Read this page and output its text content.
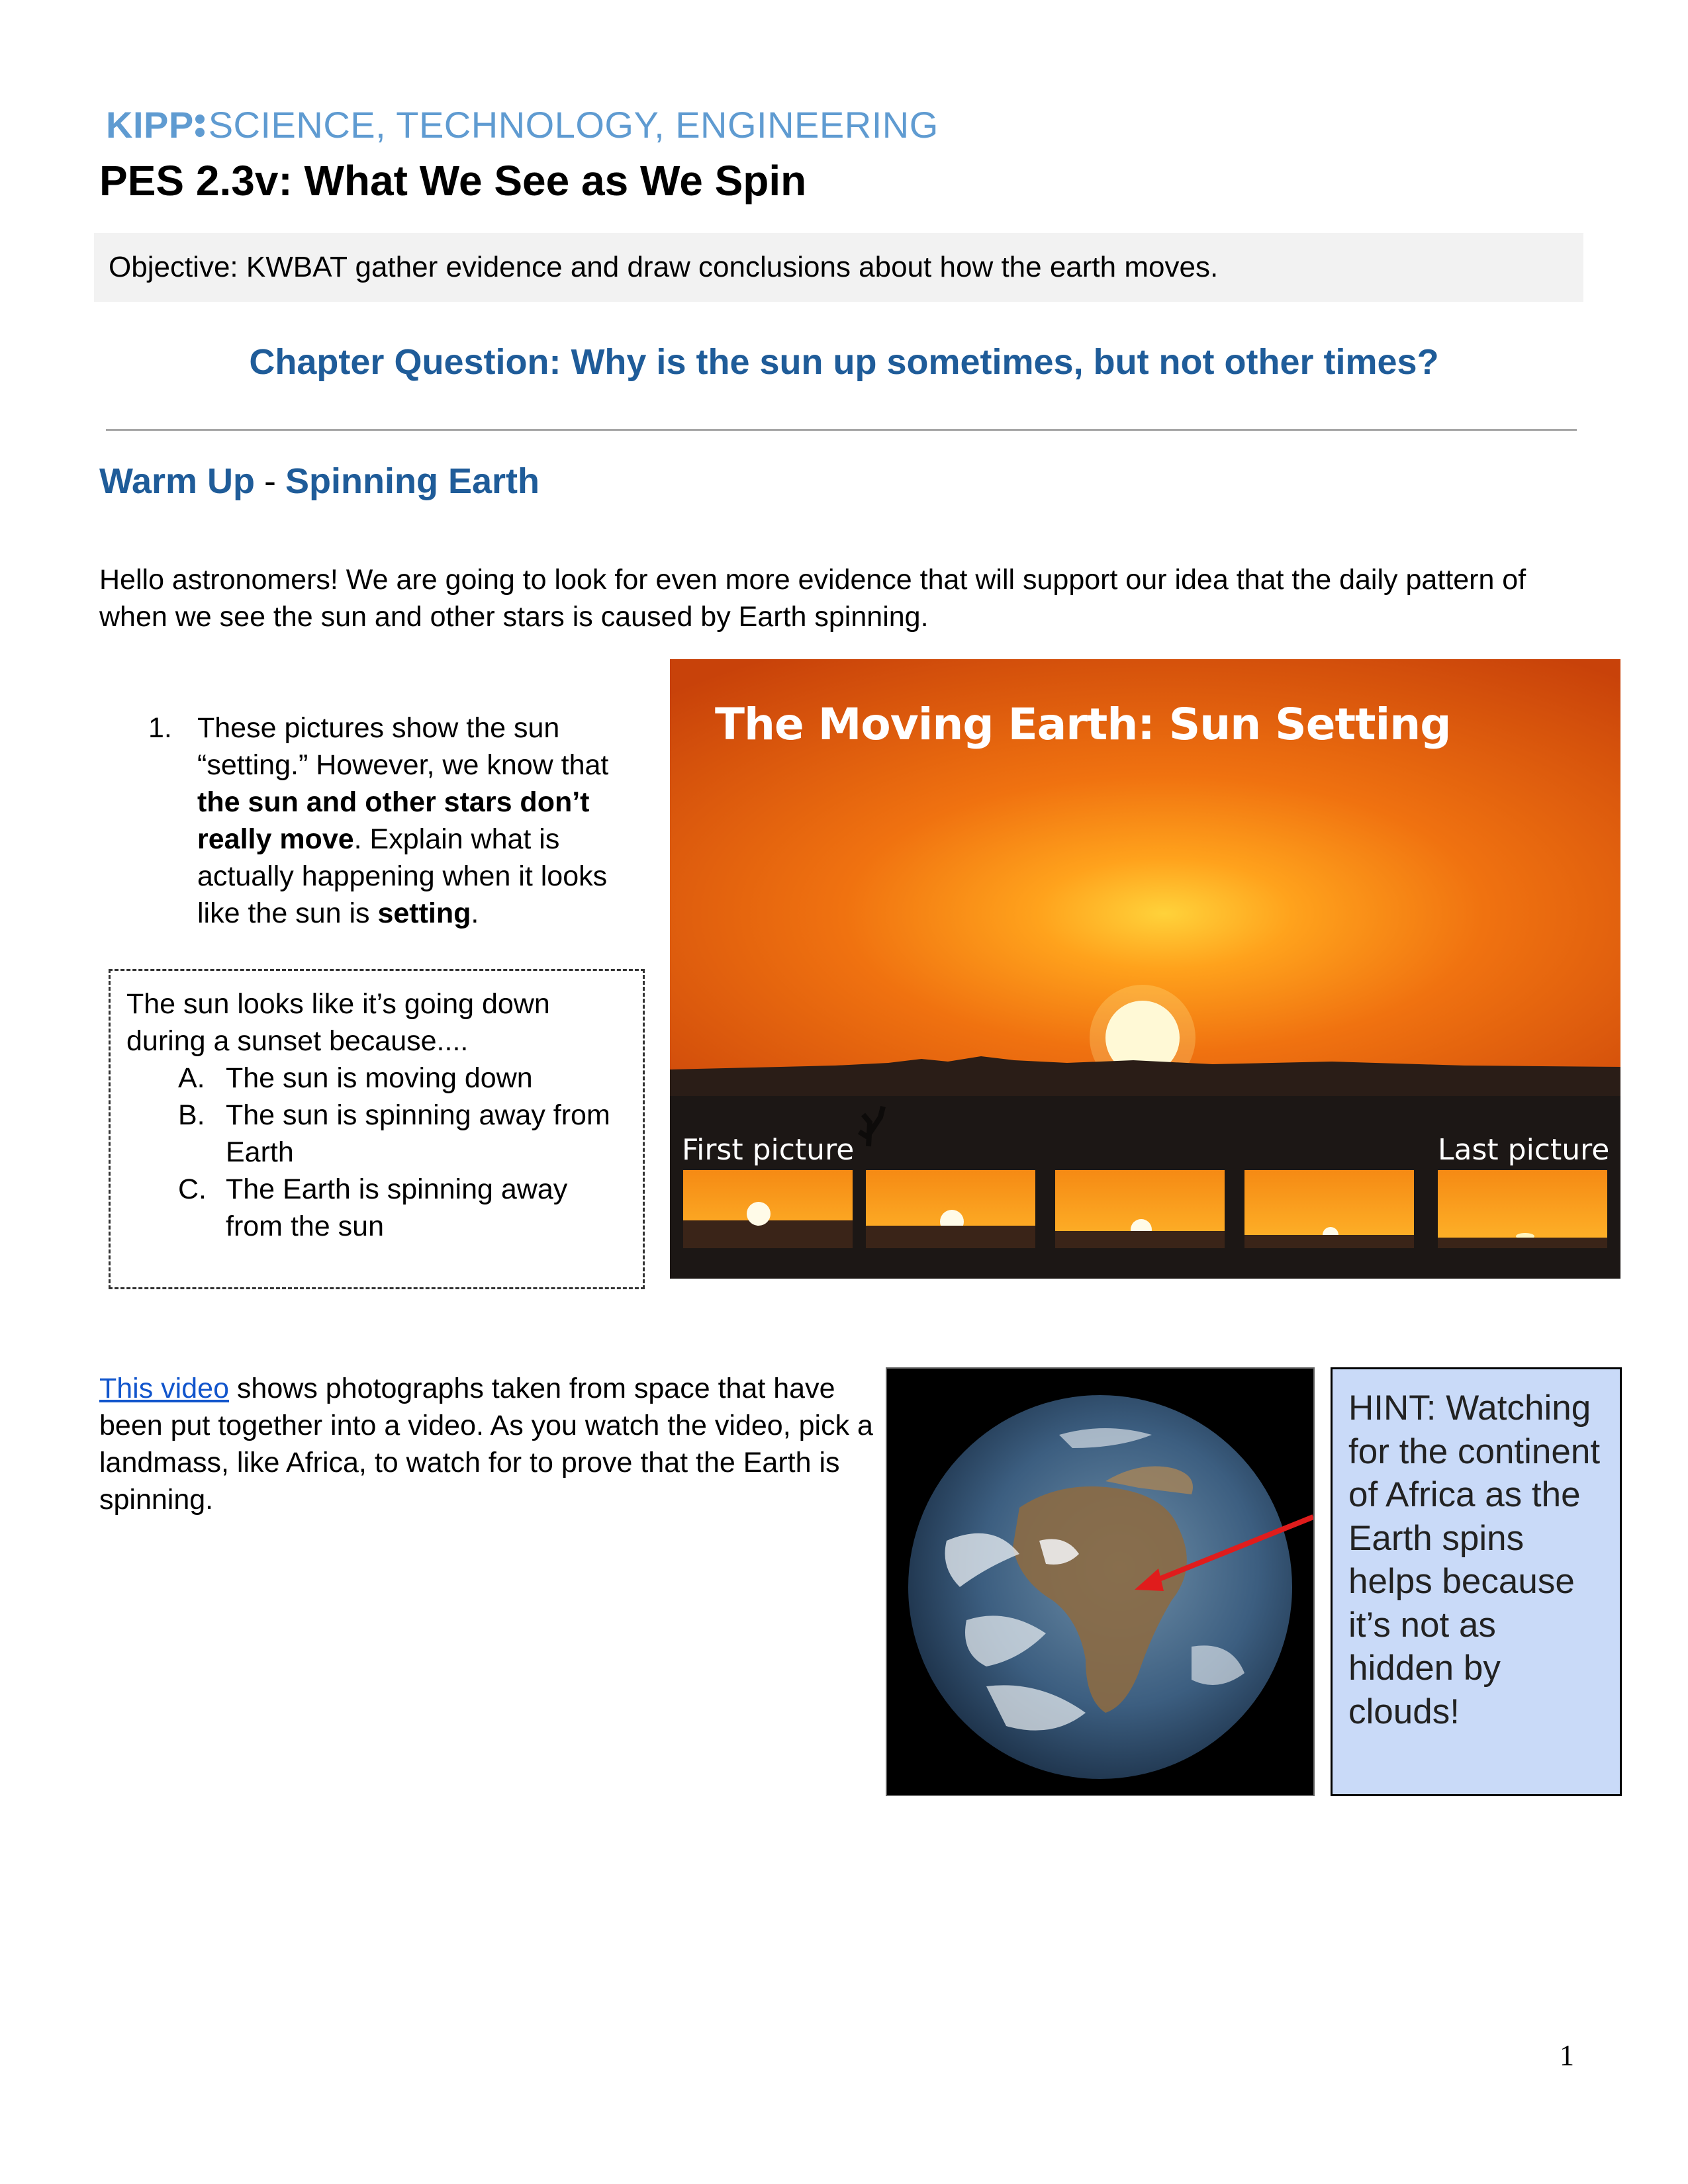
KIPP SCIENCE, TECHNOLOGY, ENGINEERING
PES 2.3v: What We See as We Spin
Objective: KWBAT gather evidence and draw conclusions about how the earth moves.
Chapter Question: Why is the sun up sometimes, but not other times?
Warm Up - Spinning Earth
Hello astronomers! We are going to look for even more evidence that will support our idea that the daily pattern of when we see the sun and other stars is caused by Earth spinning.
1. These pictures show the sun “setting.” However, we know that the sun and other stars don’t really move. Explain what is actually happening when it looks like the sun is setting.
The sun looks like it’s going down during a sunset because....
A. The sun is moving down
B. The sun is spinning away from Earth
C. The Earth is spinning away from the sun
The Moving Earth: Sun Setting
First picture	Last picture
This video shows photographs taken from space that have been put together into a video. As you watch the video, pick a landmass, like Africa, to watch for to prove that the Earth is spinning.
HINT: Watching for the continent of Africa as the Earth spins helps because it’s not as hidden by clouds!
1
